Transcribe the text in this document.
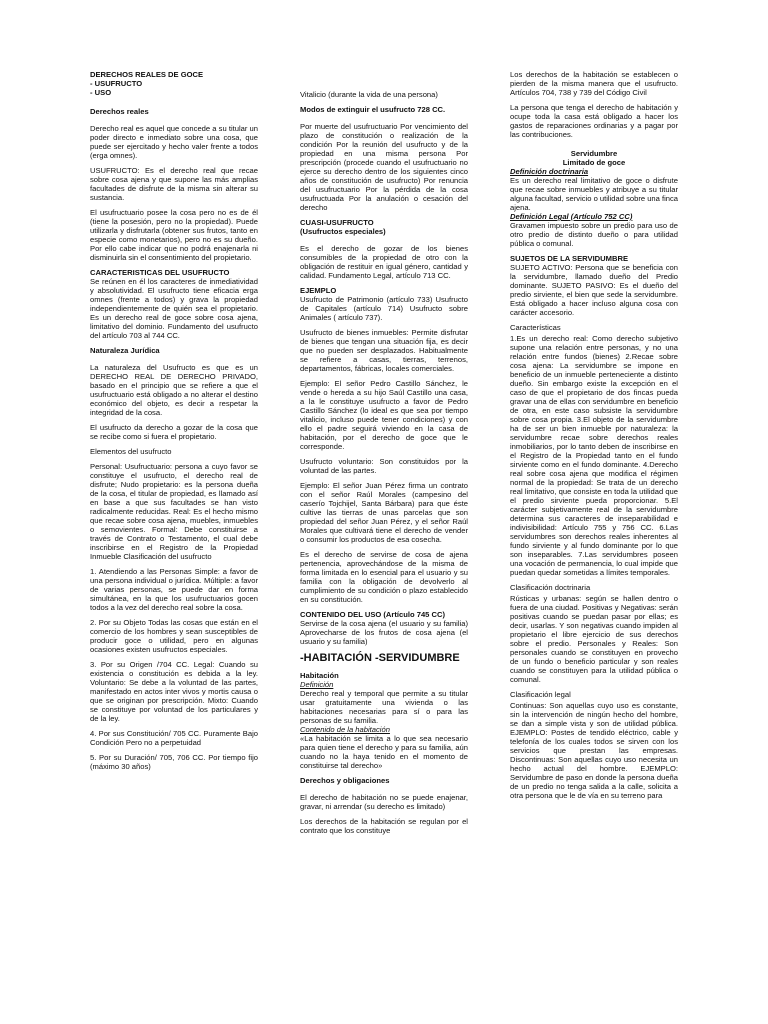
DERECHOS REALES DE GOCE

- USUFRUCTO

- USO

Derechos reales

Derecho real es aquel que concede a su titular un poder directo e inmediato sobre una cosa, que puede ser ejercitado y hecho valer frente a todos (erga omnes).

USUFRUCTO: Es el derecho real que recae sobre cosa ajena y que supone las más amplias facultades de disfrute de la misma sin alterar su sustancia.

El usufructuario posee la cosa pero no es de él (tiene la posesión, pero no la propiedad). Puede utilizarla y disfrutarla (obtener sus frutos, tanto en especie como monetarios), pero no es su dueño. Por ello cabe indicar que no podrá enajenarla ni disminuirla sin el consentimiento del propietario.

CARACTERISTICAS DEL USUFRUCTO

Se reúnen en él los caracteres de inmediatividad y absolutividad. El usufructo tiene eficacia erga omnes (frente a todos) y grava la propiedad independientemente de quién sea el propietario. Es un derecho real de goce sobre cosa ajena, limitativo del dominio. Fundamento del usufructo del artículo 703 al 744 CC.

Naturaleza Jurídica

La naturaleza del Usufructo es que es un DERECHO REAL DE DERECHO PRIVADO, basado en el principio que se refiere a que el usufructuario está obligado a no alterar el destino económico del objeto, es decir a respetar la integridad de la cosa.

El usufructo da derecho a gozar de la cosa que se recibe como si fuera el propietario.

Elementos del usufructo

Personal: Usufructuario: persona a cuyo favor se constituye el usufructo, el derecho real de disfrute; Nudo propietario: es la persona dueña de la cosa, el titular de propiedad, es llamado así en base a que sus facultades se han visto radicalmente reducidas. Real: Es el hecho mismo que recae sobre cosa ajena, muebles, inmuebles o semovientes. Formal: Debe constituirse a través de Contrato o Testamento, el cual debe inscribirse en el Registro de la Propiedad Inmueble Clasificación del usufructo

1. Atendiendo a las Personas Simple: a favor de una persona individual o jurídica. Múltiple: a favor de varias personas, se puede dar en forma simultánea, en la que los usufructuarios gocen todos a la vez del derecho real sobre la cosa.

2. Por su Objeto Todas las cosas que están en el comercio de los hombres y sean susceptibles de producir goce o utilidad, pero en algunas ocasiones existen usufructos especiales.

3. Por su Origen /704 CC. Legal: Cuando su existencia o constitución es debida a la ley. Voluntario: Se debe a la voluntad de las partes, manifestado en actos inter vivos y mortis causa o que se originan por prescripción. Mixto: Cuando se constituye por voluntad de los particulares y de la ley.

4. Por sus Constitución/ 705 CC. Puramente Bajo Condición Pero no a perpetuidad

5. Por su Duración/ 705, 706 CC. Por tiempo fijo (máximo 30 años)

Vitalicio (durante la vida de una persona)

Modos de extinguir el usufructo 728 CC.

Por muerte del usufructuario Por vencimiento del plazo de constitución o realización de la condición Por la reunión del usufructo y de la propiedad en una misma persona Por prescripción (procede cuando el usufructuario no ejerce su derecho dentro de los siguientes cinco años de constitución de usufructo) Por renuncia del usufructuario Por la pérdida de la cosa usufructuada Por la anulación o cesación del derecho

CUASI-USUFRUCTO

(Usufructos especiales)

Es el derecho de gozar de los bienes consumibles de la propiedad de otro con la obligación de restituir en igual género, cantidad y calidad. Fundamento Legal, artículo 713 CC.

EJEMPLO

Usufructo de Patrimonio (artículo 733) Usufructo de Capitales (artículo 714) Usufructo sobre Animales ( artículo 737).

Usufructo de bienes inmuebles: Permite disfrutar de bienes que tengan una situación fija, es decir que no pueden ser desplazados. Habitualmente se refiere a casas, tierras, terrenos, departamentos, fábricas, locales comerciales.

Ejemplo: El señor Pedro Castillo Sánchez, le vende o hereda a su hijo Saúl Castillo una casa, a la le constituye usufructo a favor de Pedro Castillo Sánchez (lo ideal es que sea por tiempo vitalicio, incluso puede tener condiciones) y con ello el padre seguirá viviendo en la casa de habitación, por el derecho de goce que le corresponde.

Usufructo voluntario: Son constituidos por la voluntad de las partes.

Ejemplo: El señor Juan Pérez firma un contrato con el señor Raúl Morales (campesino del caserío Tojchijel, Santa Bárbara) para que éste cultive las tierras de unas parcelas que son propiedad del señor Juan Pérez, y el señor Raúl Morales que cultivará tiene el derecho de vender o consumir los productos de esa cosecha.

Es el derecho de servirse de cosa de ajena pertenencia, aprovechándose de la misma de forma limitada en lo esencial para el usuario y su familia con la obligación de devolverlo al cumplimiento de su condición o plazo establecido en su constitución.

CONTENIDO DEL USO (Artículo 745 CC)

Servirse de la cosa ajena (el usuario y su familia) Aprovecharse de los frutos de cosa ajena (el usuario y su familia)

-HABITACIÓN -SERVIDUMBRE

Habitación

Definición

Derecho real y temporal que permite a su titular usar gratuitamente una vivienda o las habitaciones necesarias para sí o para las personas de su familia.

Contenido de la habitación

«La habitación se limita a lo que sea necesario para quien tiene el derecho y para su familia, aún cuando no la haya tenido en el momento de constituirse tal derecho»

Derechos y obligaciones

El derecho de habitación no se puede enajenar, gravar, ni arrendar (su derecho es limitado)

Los derechos de la habitación se regulan por el contrato que los constituye

Los derechos de la habitación se establecen o pierden de la misma manera que el usufructo. Artículos 704, 738 y 739 del Código Civil

La persona que tenga el derecho de habitación y ocupe toda la casa está obligado a hacer los gastos de reparaciones ordinarias y a pagar por las contribuciones.

Servidumbre

Limitado de goce

Definición doctrinaria

Es un derecho real limitativo de goce o disfrute que recae sobre inmuebles y atribuye a su titular alguna facultad, servicio o utilidad sobre una finca ajena.

Definición Legal (Artículo 752 CC)

Gravamen impuesto sobre un predio para uso de otro predio de distinto dueño o para utilidad pública o comunal.

SUJETOS DE LA SERVIDUMBRE

SUJETO ACTIVO: Persona que se beneficia con la servidumbre, llamado dueño del Predio dominante. SUJETO PASIVO: Es el dueño del predio sirviente, el bien que sede la servidumbre. Está obligado a hacer incluso alguna cosa con carácter accesorio.

Características

1.Es un derecho real: Como derecho subjetivo supone una relación entre personas, y no una relación entre fundos (bienes) 2.Recae sobre cosa ajena: La servidumbre se impone en beneficio de un inmueble perteneciente a distinto dueño. Sin embargo existe la excepción en el caso de que el propietario de dos fincas pueda gravar una de ellas con servidumbre en beneficio de otra, en este caso subsiste la servidumbre sobre cosa propia. 3.El objeto de la servidumbre ha de ser un bien inmueble por naturaleza: la servidumbre recae sobre derechos reales inmobiliarios, por lo tanto deben de inscribirse en el Registro de la Propiedad tanto en el fundo sirviente como en el fundo dominante. 4.Derecho real sobre cosa ajena que modifica el régimen normal de la propiedad: Se trata de un derecho real limitativo, que consiste en toda la utilidad que el predio sirviente pueda proporcionar. 5.El carácter subjetivamente real de la servidumbre determina sus caracteres de inseparabilidad e indivisibilidad: Artículo 755 y 756 CC. 6.Las servidumbres son derechos reales inherentes al fundo sirviente y al fundo dominante por lo que son inseparables. 7.Las servidumbres poseen una vocación de permanencia, lo cual impide que puedan quedar sometidas a límites temporales.

Clasificación doctrinaria

Rústicas y urbanas: según se hallen dentro o fuera de una ciudad. Positivas y Negativas: serán positivas cuando se puedan pasar por ellas; es decir, usarlas. Y son negativas cuando impiden al propietario el libre ejercicio de sus derechos sobre el predio. Personales y Reales: Son personales cuando se constituyen en provecho de un fundo o beneficio particular y son reales cuando se constituyen para la utilidad pública o comunal.

Clasificación legal

Continuas: Son aquellas cuyo uso es constante, sin la intervención de ningún hecho del hombre, se dan a simple vista y son de utilidad pública. EJEMPLO: Postes de tendido eléctrico, cable y telefonía de los cuales todos se sirven con los servicios que prestan las empresas. Discontinuas: Son aquellas cuyo uso necesita un hecho actual del hombre. EJEMPLO: Servidumbre de paso en donde la persona dueña de un predio no tenga salida a la calle, solicita a otra persona que le de vía en su terreno para
